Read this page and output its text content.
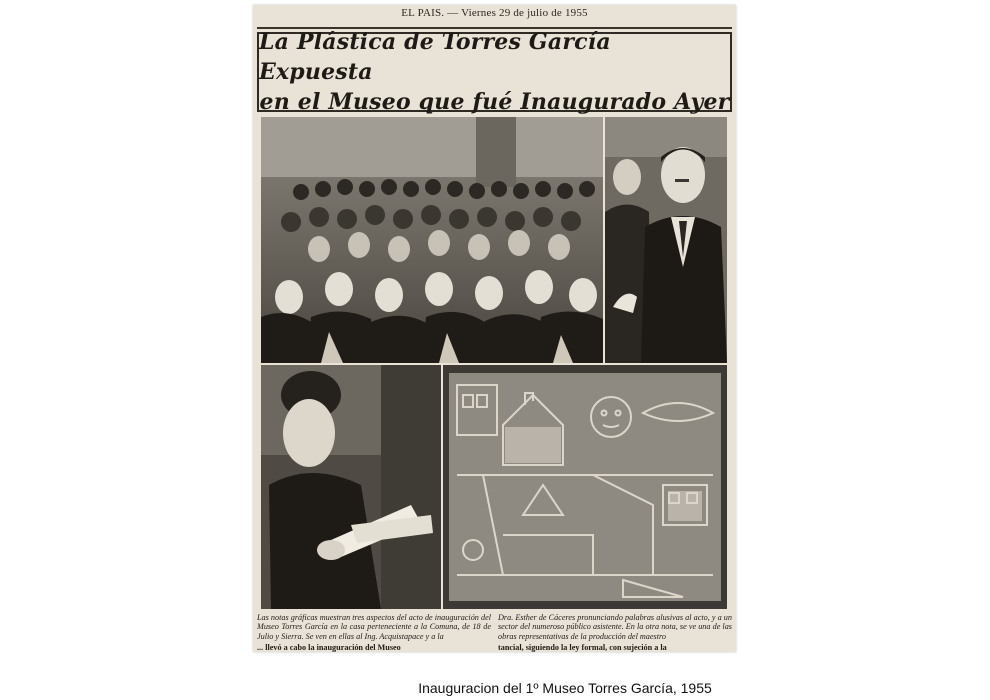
EL PAIS. — Viernes 29 de julio de 1955
La Plástica de Torres García Expuesta
en el Museo que fué Inaugurado Ayer
Las notas gráficas muestran tres aspectos del acto de inauguración del Museo Torres García en la casa perteneciente a la Comuna, de 18 de Julio y Sierra. Se ven en ellas al Ing. Acquistapace y a la
Dra. Esther de Cáceres pronunciando palabras alusivas al acto, y a un sector del numeroso público asistente. En la otra nota, se ve una de las obras representativas de la producción del maestro
... llevó a cabo la inauguración del Museo	tancial, siguiendo la ley formal, con sujeción a la
Inauguracion del 1º Museo Torres García, 1955
